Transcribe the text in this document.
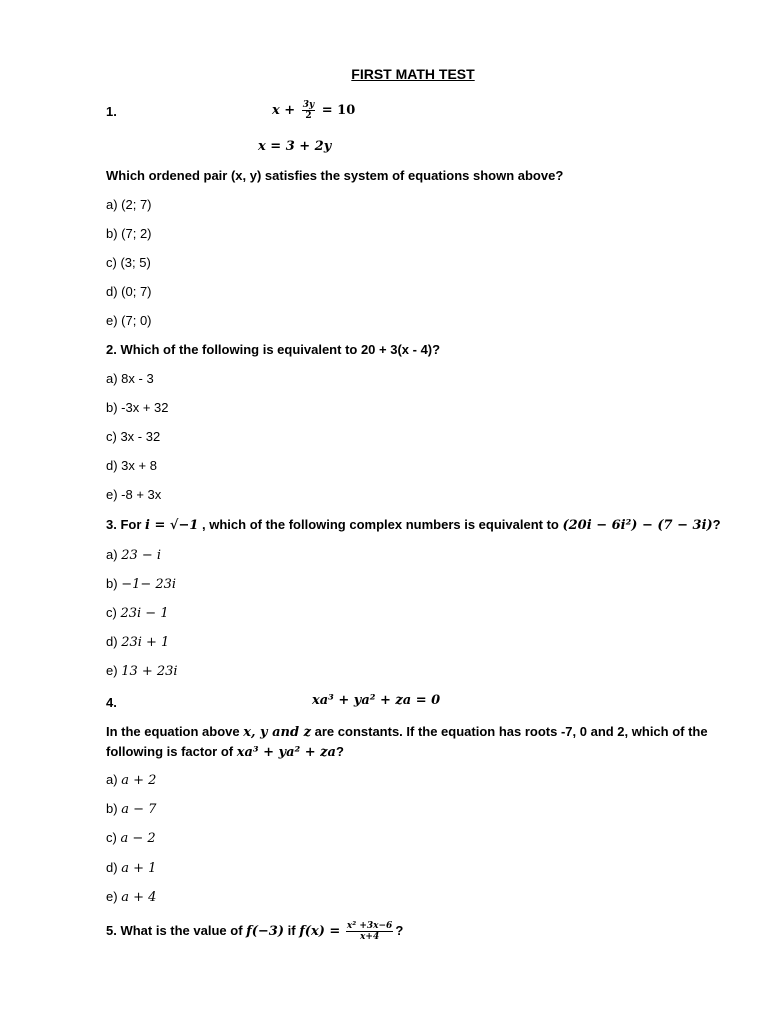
FIRST MATH TEST
1.	$x + \frac{3y}{2} = 10$
x = 3 + 2y
Which ordened pair (x, y) satisfies the system of equations shown above?
a) (2; 7)
b) (7; 2)
c) (3; 5)
d) (0; 7)
e) (7; 0)
2. Which of the following is equivalent to 20 + 3(x - 4)?
a) 8x - 3
b) -3x + 32
c) 3x - 32
d) 3x + 8
e) -8 + 3x
3. For i = √−1 , which of the following complex numbers is equivalent to (20i − 6i²) − (7 − 3i)?
a) 23 − i
b) −1− 23i
c) 23i − 1
d) 23i + 1
e) 13 + 23i
4.	xa³ + ya² + za = 0
In the equation above x, y and z are constants. If the equation has roots -7, 0 and 2, which of the
following is factor of xa³ + ya² + za?
a) a + 2
b) a − 7
c) a − 2
d) a + 1
e) a + 4
5. What is the value of f(−3) if $f(x) = \frac{\text{x² +3x−6}}{x+4}$ ?
